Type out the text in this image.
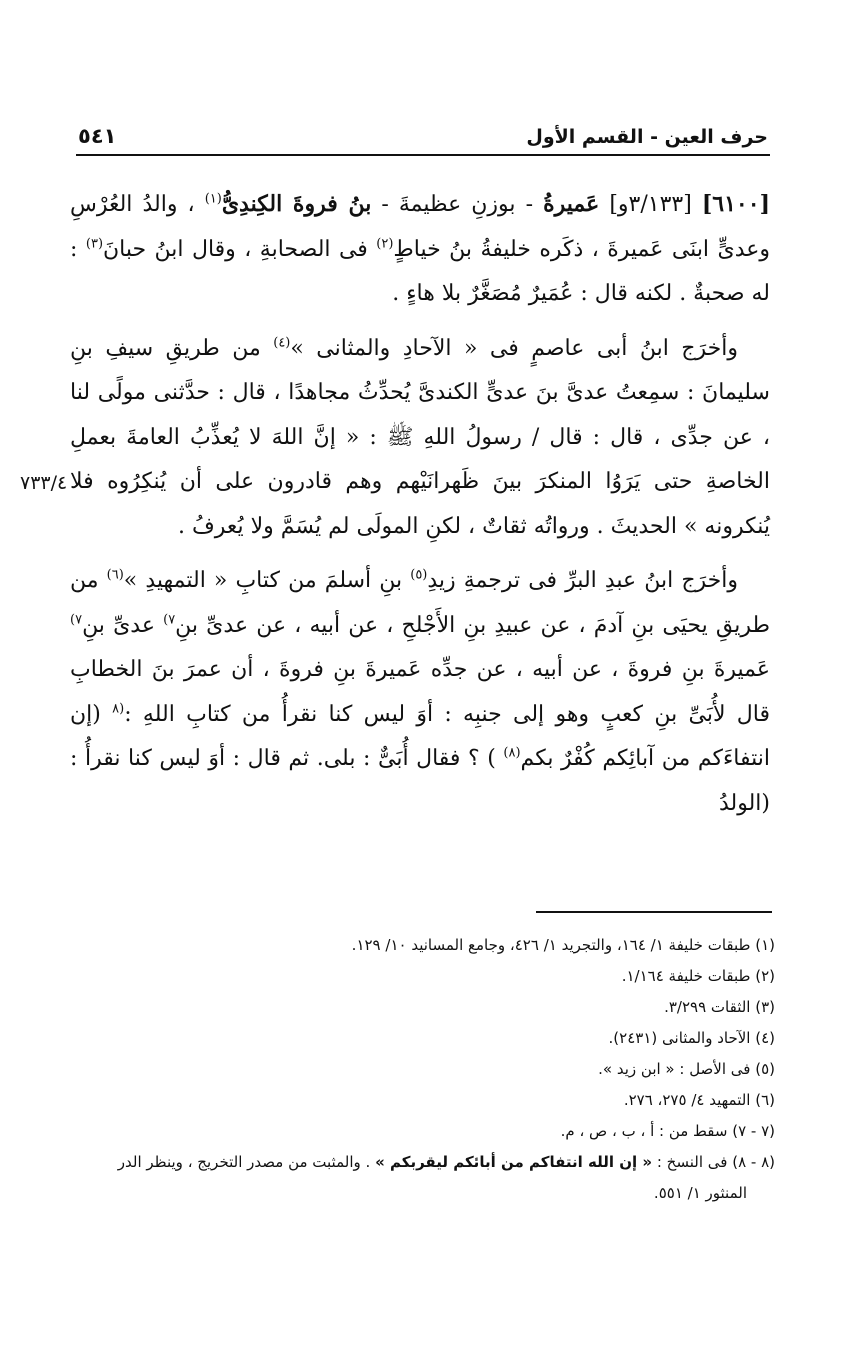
حرف العين - القسم الأول
٥٤١
٧٣٣/٤

[٦١٠٠] [٣/١٣٣و] عَميرةُ - بوزنِ عظيمةَ - بنُ فروةَ الكِندِىُّ$^{(١)}$ ، والدُ العُرْسِ وعدىٍّ ابنَى عَميرةَ ، ذكَره خليفةُ بنُ خياطٍ$^{(٢)}$ فى الصحابةِ ، وقال ابنُ حبانَ$^{(٣)}$ : له صحبةٌ . لكنه قال : عُمَيرٌ مُصَغَّرٌ بلا هاءٍ .

وأخرَج ابنُ أبى عاصمٍ فى « الآحادِ والمثانى »$^{(٤)}$ من طريقِ سيفِ بنِ سليمانَ : سمِعتُ عدىَّ بنَ عدىٍّ الكندىَّ يُحدِّثُ مجاهدًا ، قال : حدَّثنى مولًى لنا ، عن جدِّى ، قال : قال / رسولُ اللهِ ﷺ : « إنَّ اللهَ لا يُعذِّبُ العامةَ بعملِ الخاصةِ حتى يَرَوُا المنكرَ بينَ ظَهرانَيْهم وهم قادرون على أن يُنكِرُوه فلا يُنكرونه » الحديثَ . ورواتُه ثقاتٌ ، لكنِ المولَى لم يُسَمَّ ولا يُعرفُ .

وأخرَج ابنُ عبدِ البرِّ فى ترجمةِ زيدِ$^{(٥)}$ بنِ أسلمَ من كتابِ « التمهيدِ »$^{(٦)}$ من طريقِ يحيَى بنِ آدمَ ، عن عبيدِ بنِ الأَجْلحِ ، عن أبيه ، عن عدىِّ بنِ$^{٧)}$ عدىِّ بنِ$^{٧)}$ عَميرةَ بنِ فروةَ ، عن أبيه ، عن جدِّه عَميرةَ بنِ فروةَ ، أن عمرَ بنَ الخطابِ قال لأُبَىِّ بنِ كعبٍ وهو إلى جنبِه : أوَ ليس كنا نقرأُ من كتابِ اللهِ :$^{(٨}$ (إن انتفاءَكم من آبائِكم كُفْرٌ بكم$^{(٨)}$ ) ؟ فقال أُبَىٌّ : بلى. ثم قال : أوَ ليس كنا نقرأُ : (الولدُ

(١) طبقات خليفة ١/ ١٦٤، والتجريد ١/ ٤٢٦، وجامع المسانيد ١٠/ ١٢٩.

(٢) طبقات خليفة ١/١٦٤.

(٣) الثقات ٣/٢٩٩.

(٤) الآحاد والمثانى (٢٤٣١).

(٥) فى الأصل : « ابن زيد ».

(٦) التمهيد ٤/ ٢٧٥، ٢٧٦.

(٧ - ٧) سقط من : أ ، ب ، ص ، م.

(٨ - ٨) فى النسخ : « إن الله انتفاكم من أبائكم ليقربكم » . والمثبت من مصدر التخريج ، وينظر الدر
المنثور ١/ ٥٥١.
